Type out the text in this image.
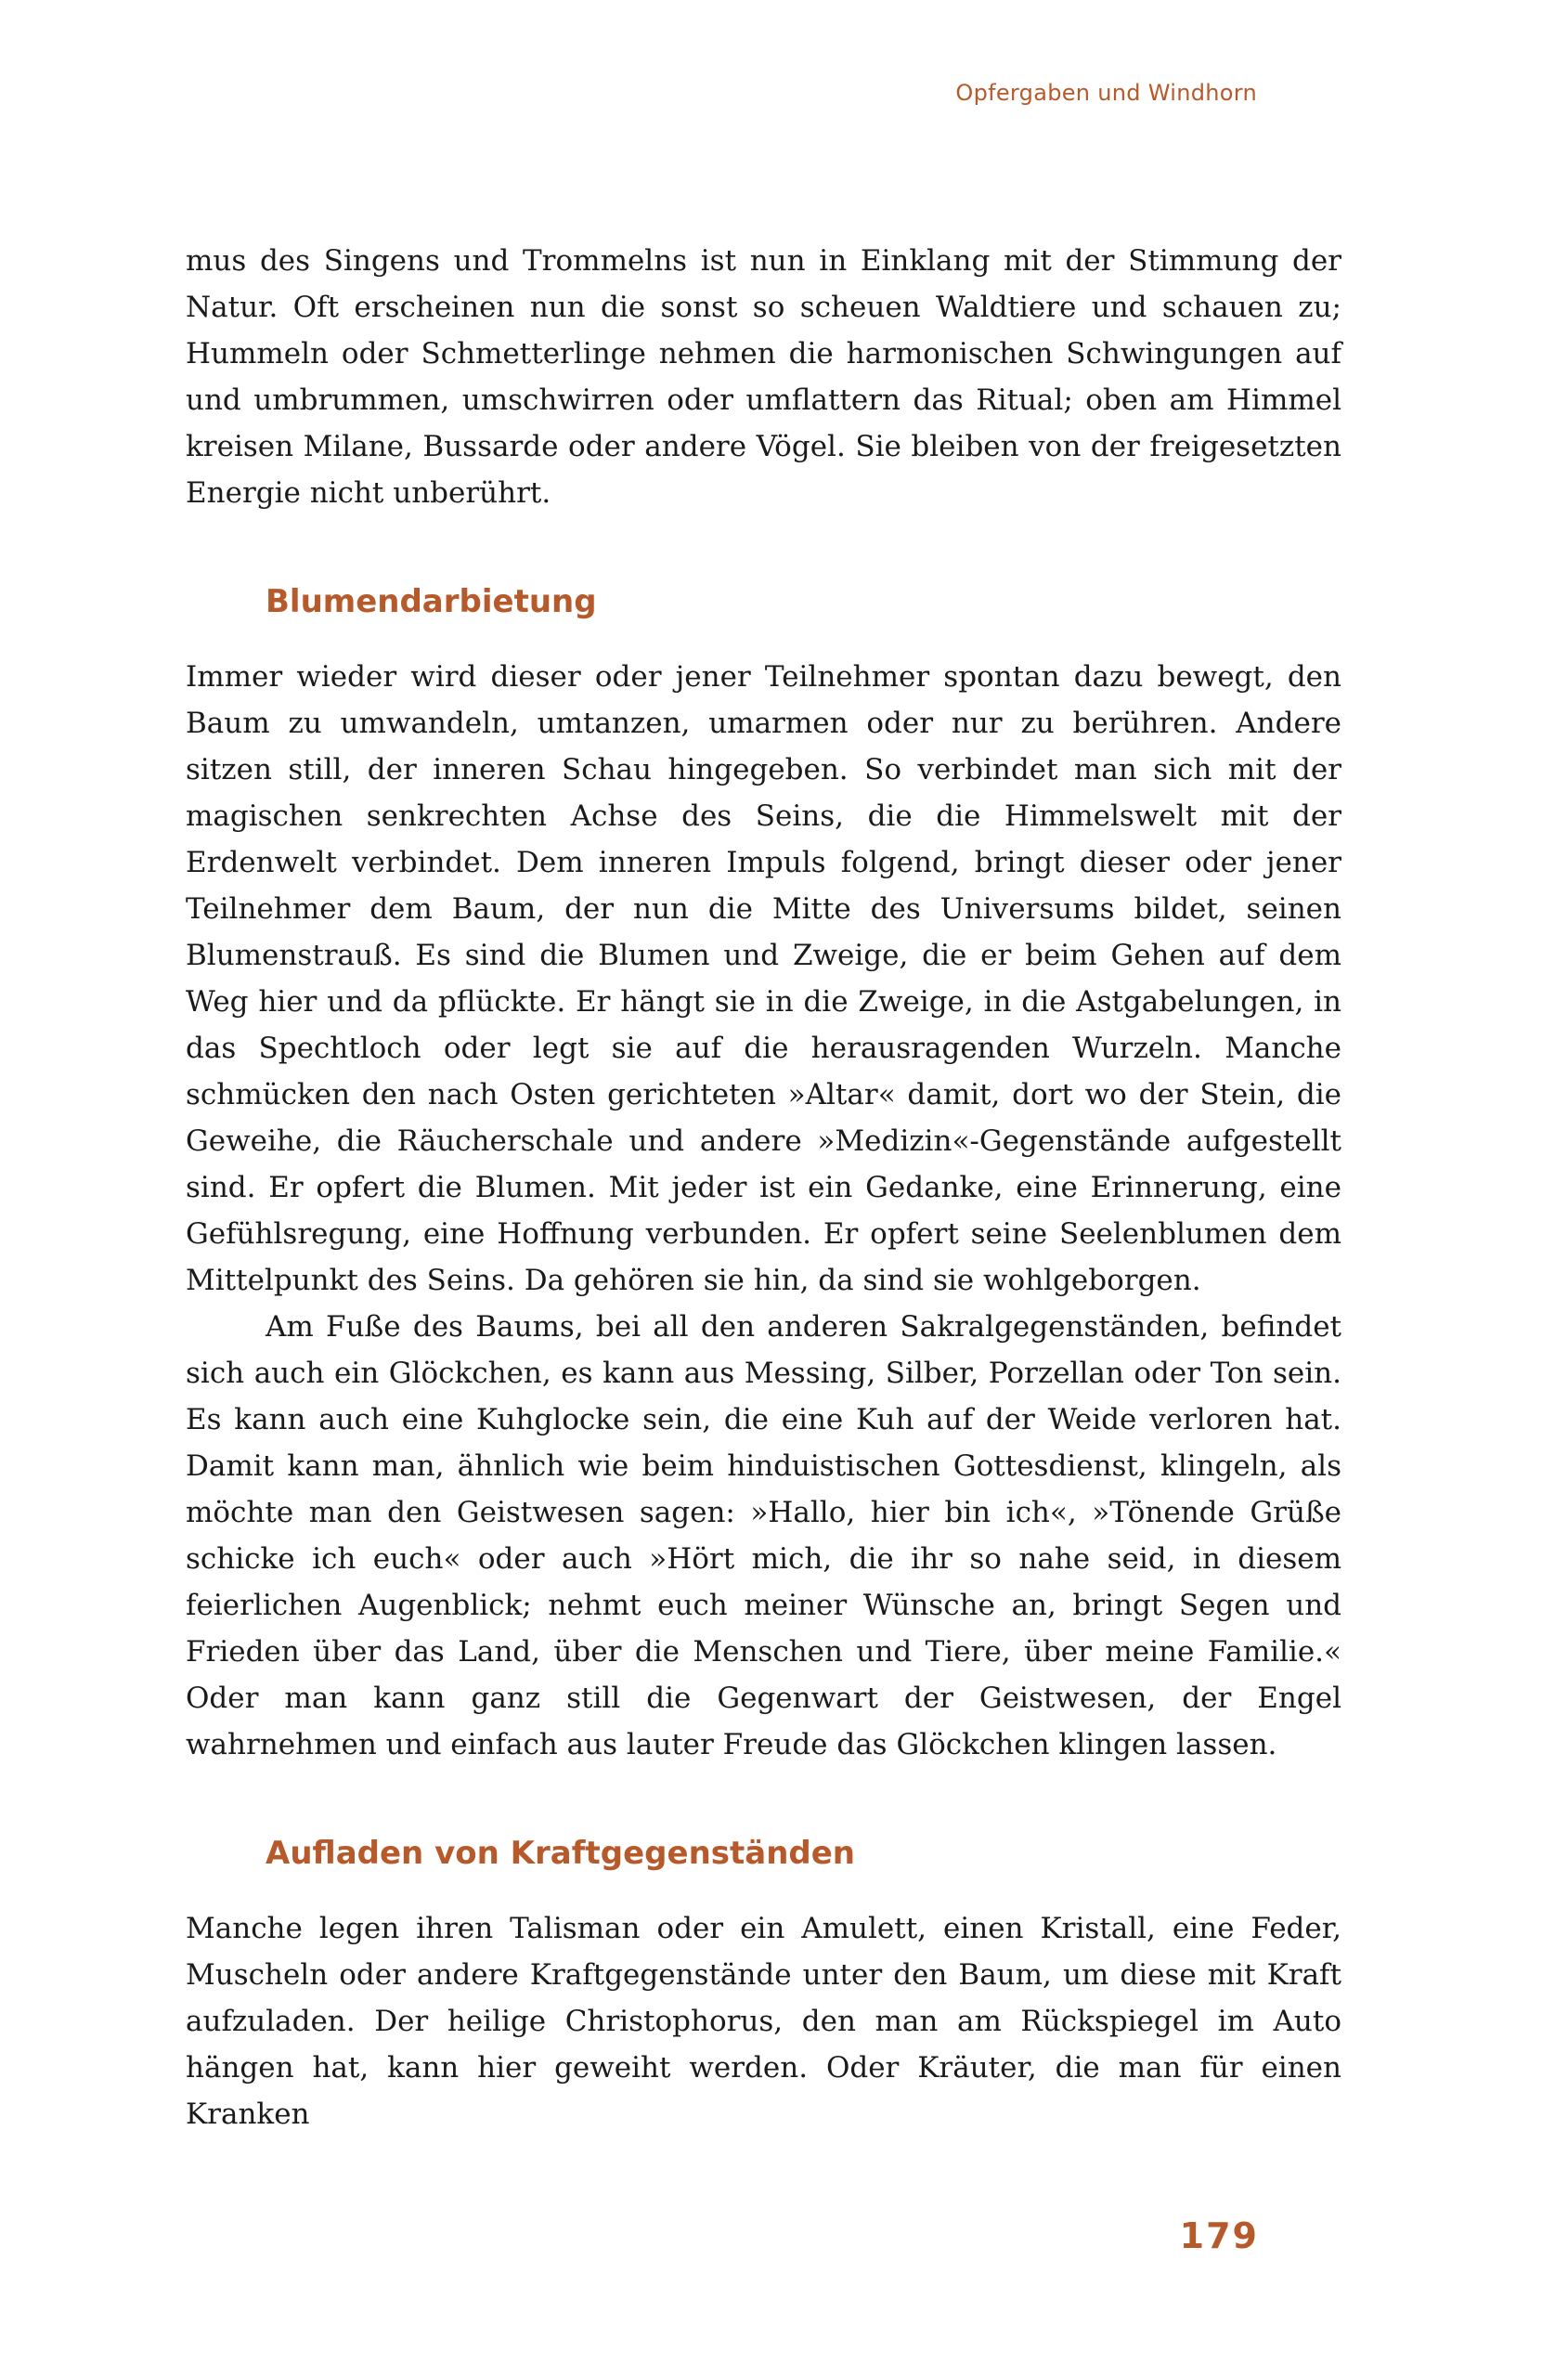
Opfergaben und Windhorn

mus des Singens und Trommelns ist nun in Einklang mit der Stimmung der Natur. Oft erscheinen nun die sonst so scheuen Waldtiere und schauen zu; Hummeln oder Schmetterlinge nehmen die harmonischen Schwingungen auf und umbrummen, umschwirren oder umflattern das Ritual; oben am Himmel kreisen Milane, Bussarde oder andere Vögel. Sie bleiben von der freigesetzten Energie nicht unberührt.

Blumendarbietung

Immer wieder wird dieser oder jener Teilnehmer spontan dazu bewegt, den Baum zu umwandeln, umtanzen, umarmen oder nur zu berühren. Andere sitzen still, der inneren Schau hingegeben. So verbindet man sich mit der magischen senkrechten Achse des Seins, die die Himmelswelt mit der Erdenwelt verbindet. Dem inneren Impuls folgend, bringt dieser oder jener Teilnehmer dem Baum, der nun die Mitte des Universums bildet, seinen Blumenstrauß. Es sind die Blumen und Zweige, die er beim Gehen auf dem Weg hier und da pflückte. Er hängt sie in die Zweige, in die Astgabelungen, in das Spechtloch oder legt sie auf die herausragenden Wurzeln. Manche schmücken den nach Osten gerichteten »Altar« damit, dort wo der Stein, die Geweihe, die Räucherschale und andere »Medizin«-Gegenstände aufgestellt sind. Er opfert die Blumen. Mit jeder ist ein Gedanke, eine Erinnerung, eine Gefühlsregung, eine Hoffnung verbunden. Er opfert seine Seelenblumen dem Mittelpunkt des Seins. Da gehören sie hin, da sind sie wohlgeborgen.

Am Fuße des Baums, bei all den anderen Sakralgegenständen, befindet sich auch ein Glöckchen, es kann aus Messing, Silber, Porzellan oder Ton sein. Es kann auch eine Kuhglocke sein, die eine Kuh auf der Weide verloren hat. Damit kann man, ähnlich wie beim hinduistischen Gottesdienst, klingeln, als möchte man den Geistwesen sagen: »Hallo, hier bin ich«, »Tönende Grüße schicke ich euch« oder auch »Hört mich, die ihr so nahe seid, in diesem feierlichen Augenblick; nehmt euch meiner Wünsche an, bringt Segen und Frieden über das Land, über die Menschen und Tiere, über meine Familie.« Oder man kann ganz still die Gegenwart der Geistwesen, der Engel wahrnehmen und einfach aus lauter Freude das Glöckchen klingen lassen.

Aufladen von Kraftgegenständen

Manche legen ihren Talisman oder ein Amulett, einen Kristall, eine Feder, Muscheln oder andere Kraftgegenstände unter den Baum, um diese mit Kraft aufzuladen. Der heilige Christophorus, den man am Rückspiegel im Auto hängen hat, kann hier geweiht werden. Oder Kräuter, die man für einen Kranken

179
